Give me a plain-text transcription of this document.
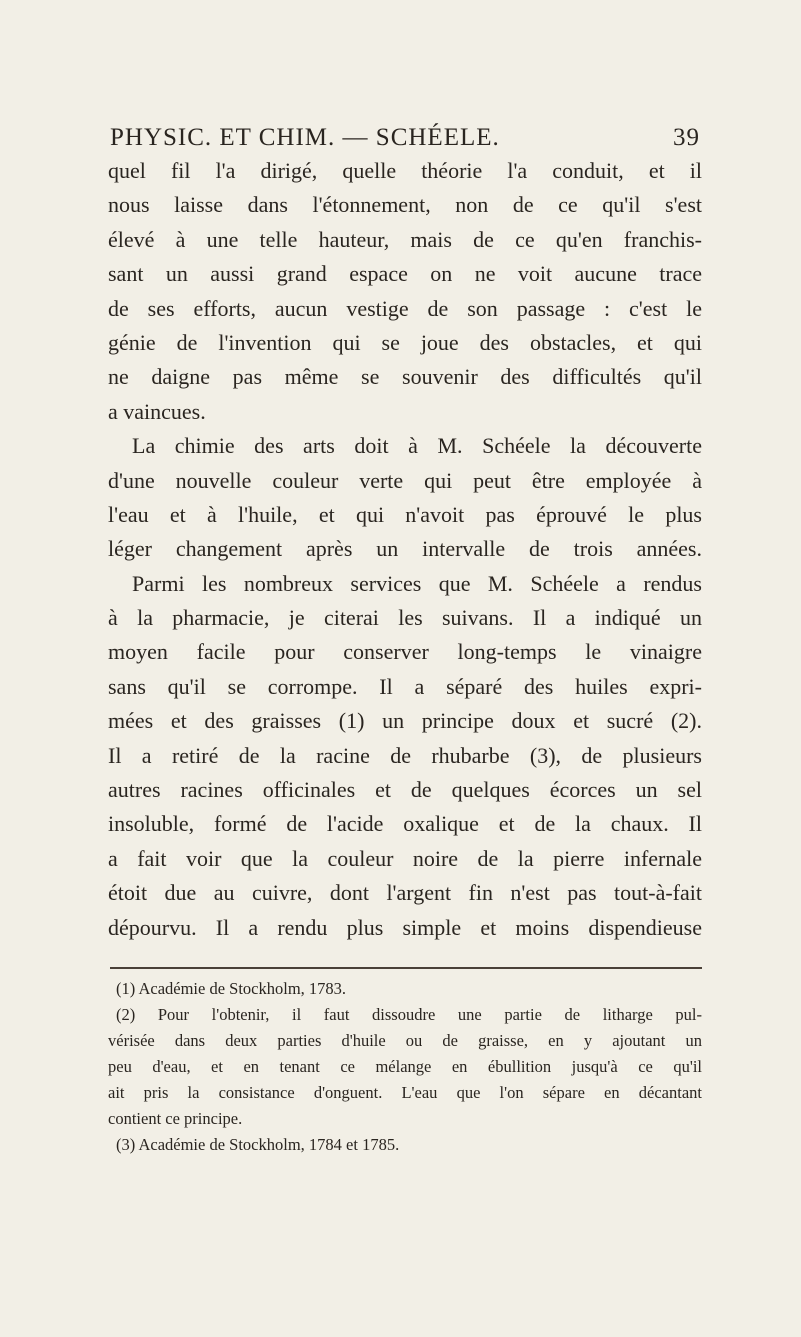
PHYSIC. ET CHIM. — SCHÉELE.	39
quel fil l'a dirigé, quelle théorie l'a conduit, et il
nous laisse dans l'étonnement, non de ce qu'il s'est
élevé à une telle hauteur, mais de ce qu'en franchis-
sant un aussi grand espace on ne voit aucune trace
de ses efforts, aucun vestige de son passage : c'est le
génie de l'invention qui se joue des obstacles, et qui
ne daigne pas même se souvenir des difficultés qu'il
a vaincues.
La chimie des arts doit à M. Schéele la découverte
d'une nouvelle couleur verte qui peut être employée à
l'eau et à l'huile, et qui n'avoit pas éprouvé le plus
léger changement après un intervalle de trois années.
Parmi les nombreux services que M. Schéele a rendus
à la pharmacie, je citerai les suivans. Il a indiqué un
moyen facile pour conserver long-temps le vinaigre
sans qu'il se corrompe. Il a séparé des huiles expri-
mées et des graisses (1) un principe doux et sucré (2).
Il a retiré de la racine de rhubarbe (3), de plusieurs
autres racines officinales et de quelques écorces un sel
insoluble, formé de l'acide oxalique et de la chaux. Il
a fait voir que la couleur noire de la pierre infernale
étoit due au cuivre, dont l'argent fin n'est pas tout-à-fait
dépourvu. Il a rendu plus simple et moins dispendieuse
(1) Académie de Stockholm, 1783.
(2) Pour l'obtenir, il faut dissoudre une partie de litharge pul-
vérisée dans deux parties d'huile ou de graisse, en y ajoutant un
peu d'eau, et en tenant ce mélange en ébullition jusqu'à ce qu'il
ait pris la consistance d'onguent. L'eau que l'on sépare en décantant
contient ce principe.
(3) Académie de Stockholm, 1784 et 1785.
